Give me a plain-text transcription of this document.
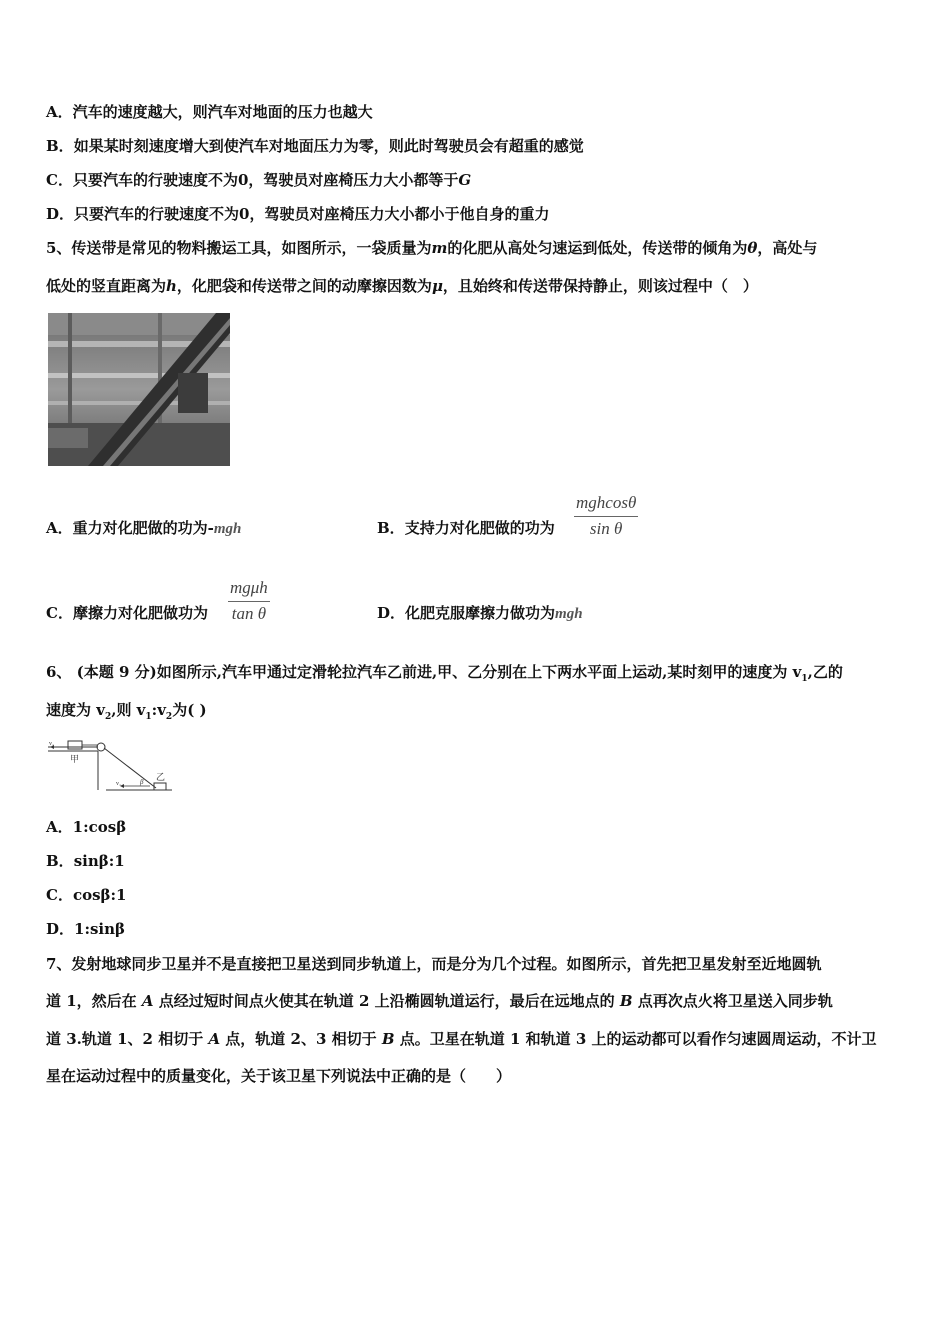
A．汽车的速度越大，则汽车对地面的压力也越大
B．如果某时刻速度增大到使汽车对地面压力为零，则此时驾驶员会有超重的感觉
C．只要汽车的行驶速度不为0，驾驶员对座椅压力大小都等于G
D．只要汽车的行驶速度不为0，驾驶员对座椅压力大小都小于他自身的重力
5、传送带是常见的物料搬运工具，如图所示，一袋质量为m的化肥从高处匀速运到低处，传送带的倾角为θ，高处与
低处的竖直距离为h，化肥袋和传送带之间的动摩擦因数为μ，且始终和传送带保持静止，则该过程中（　）
A．重力对化肥做的功为-mgh	B．支持力对化肥做的功为
mghcosθ
sin θ
C．摩擦力对化肥做功为
mgμh
tan θ	D．化肥克服摩擦力做功为mgh
6、 (本题 9 分)如图所示,汽车甲通过定滑轮拉汽车乙前进,甲、乙分别在上下两水平面上运动,某时刻甲的速度为 $v_1$,乙的
速度为 $v_2$,则 $v_1:v_2$为( )
v₁
甲
v₁	β 乙
A．1:cosβ
B．sinβ:1
C．cosβ:1
D．1:sinβ
7、发射地球同步卫星并不是直接把卫星送到同步轨道上，而是分为几个过程。如图所示，首先把卫星发射至近地圆轨
道 1，然后在 A 点经过短时间点火使其在轨道 2 上沿椭圆轨道运行，最后在远地点的 B 点再次点火将卫星送入同步轨
道 3.轨道 1、2 相切于 A 点，轨道 2、3 相切于 B 点。卫星在轨道 1 和轨道 3 上的运动都可以看作匀速圆周运动，不计卫
星在运动过程中的质量变化，关于该卫星下列说法中正确的是（　　）
